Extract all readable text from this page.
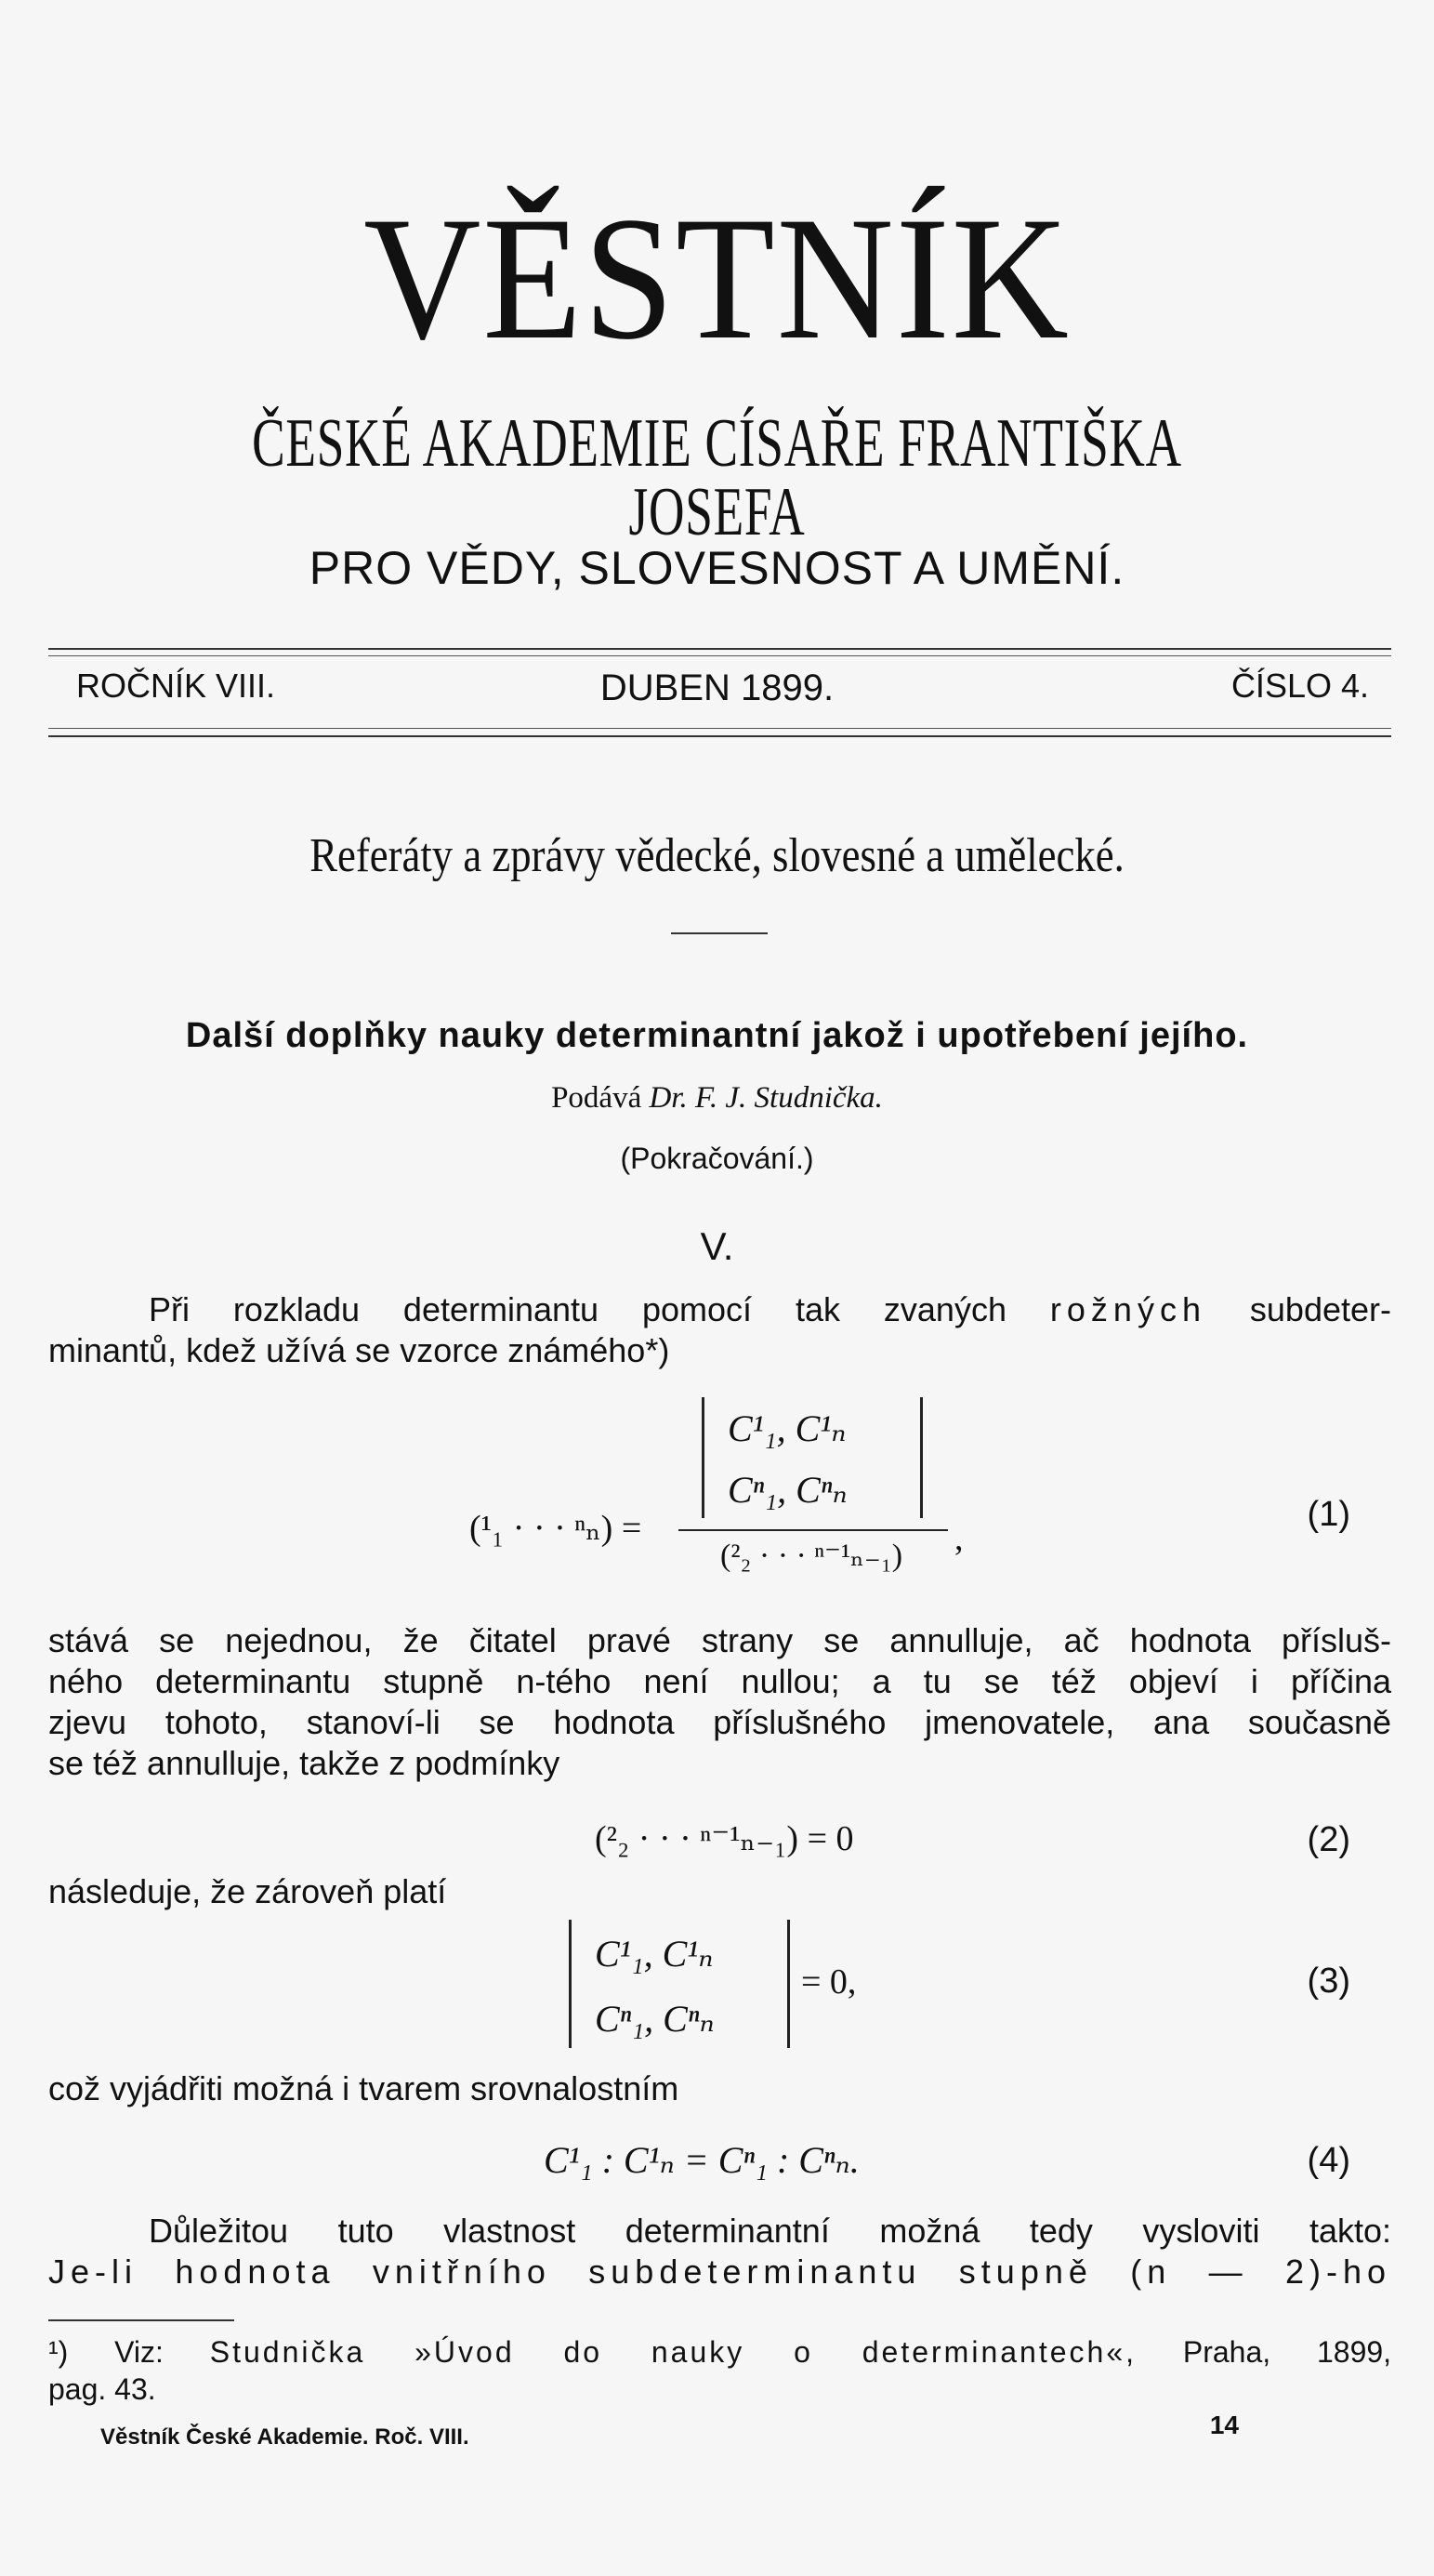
VĚSTNÍK
ČESKÉ AKADEMIE CÍSAŘE FRANTIŠKA JOSEFA
PRO VĚDY, SLOVESNOST A UMĚNÍ.
ROČNÍK VIII.	DUBEN 1899.	ČÍSLO 4.
Referáty a zprávy vědecké, slovesné a umělecké.
Další doplňky nauky determinantní jakož i upotřebení jejího.
Podává Dr. F. J. Studnička.
(Pokračování.)
V.
Při rozkladu determinantu pomocí tak zvaných rožných subdeter-
minantů, kdež užívá se vzorce známého*)
C¹₁, C¹ₙ
Cⁿ₁, Cⁿₙ
(¹₁ · · · ⁿₙ) =
(²₂ · · · ⁿ⁻¹ₙ₋₁) ,
(1)
stává se nejednou, že čitatel pravé strany se annulluje, ač hodnota přísluš-
ného determinantu stupně n-tého není nullou; a tu se též objeví i příčina
zjevu tohoto, stanoví-li se hodnota příslušného jmenovatele, ana současně
se též annulluje, takže z podmínky
(²₂ · · · ⁿ⁻¹ₙ₋₁) = 0	(2)
následuje, že zároveň platí
C¹₁, C¹ₙ
Cⁿ₁, Cⁿₙ
= 0,	(3)
což vyjádřiti možná i tvarem srovnalostním
C¹₁ : C¹ₙ = Cⁿ₁ : Cⁿₙ.	(4)
Důležitou tuto vlastnost determinantní možná tedy vysloviti takto:
Je-li hodnota vnitřního subdeterminantu stupně (n — 2)-ho
¹) Viz: Studnička »Úvod do nauky o determinantech«, Praha, 1899,
pag. 43.
Věstník České Akademie. Roč. VIII.	14
